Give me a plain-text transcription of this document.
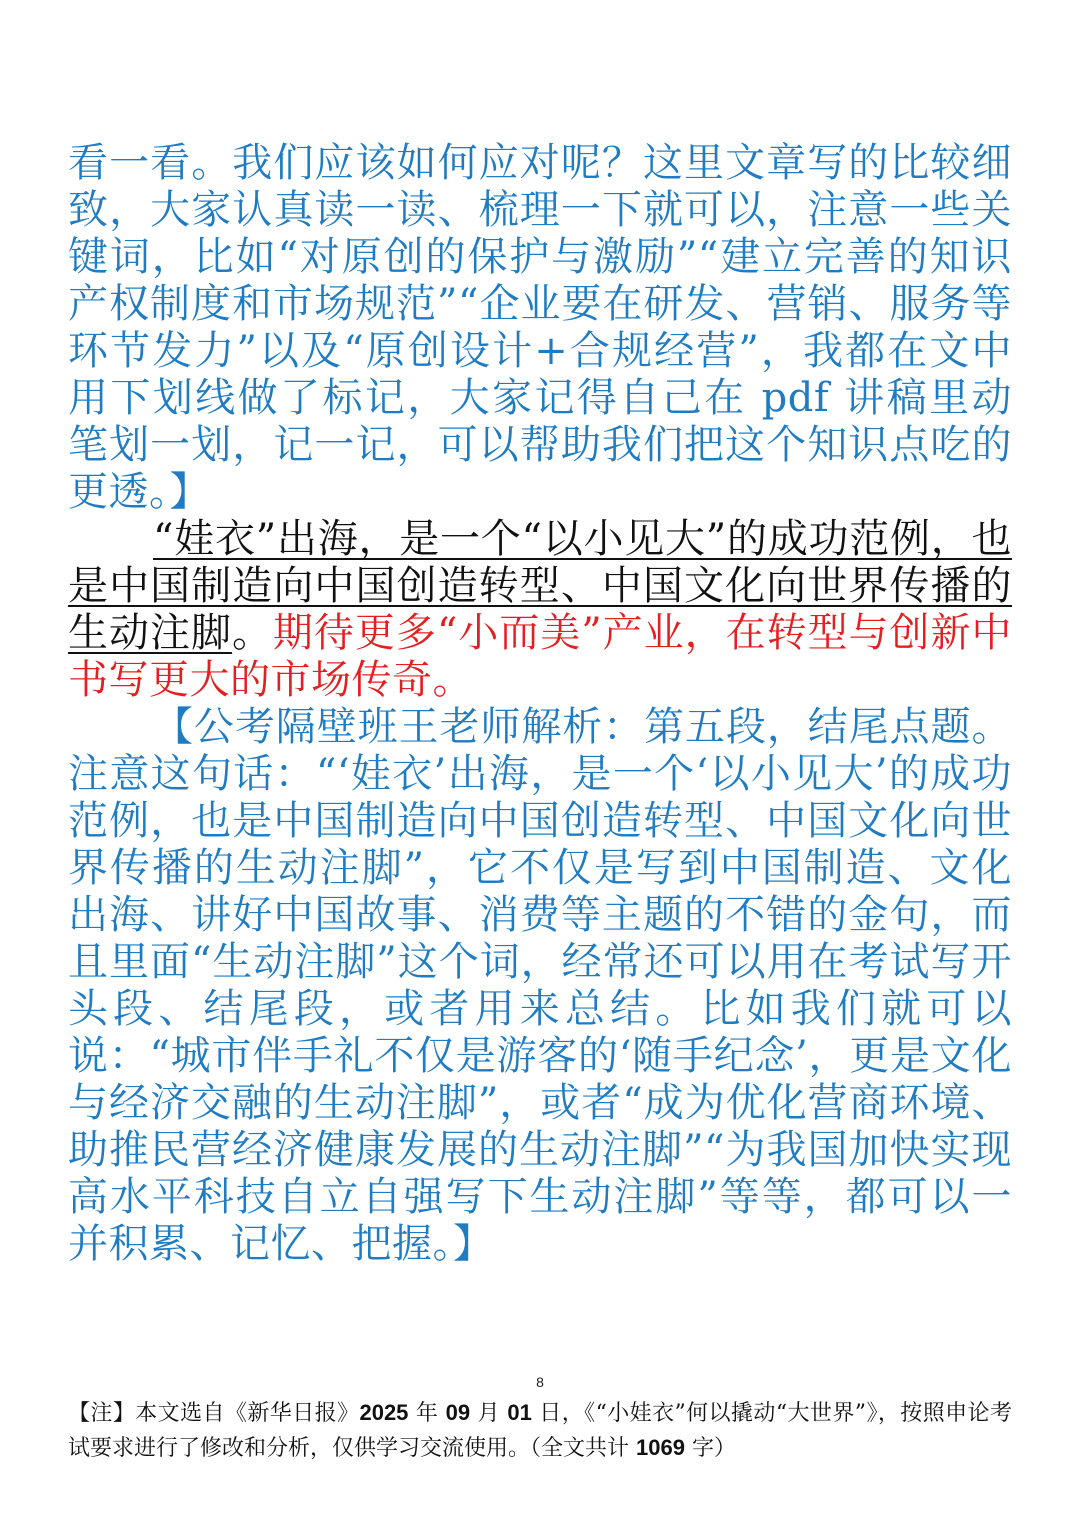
看一看。我们应该如何应对呢？这里文章写的比较细致，大家认真读一读、梳理一下就可以，注意一些关键词，比如“对原创的保护与激励”“建立完善的知识产权制度和市场规范”“企业要在研发、营销、服务等环节发力”以及“原创设计+合规经营”，我都在文中用下划线做了标记，大家记得自己在 pdf 讲稿里动笔划一划，记一记，可以帮助我们把这个知识点吃的更透。】

“娃衣”出海，是一个“以小见大”的成功范例，也是中国制造向中国创造转型、中国文化向世界传播的生动注脚。期待更多“小而美”产业，在转型与创新中书写更大的市场传奇。

【公考隔壁班王老师解析：第五段，结尾点题。注意这句话：“‘娃衣’出海，是一个‘以小见大’的成功范例，也是中国制造向中国创造转型、中国文化向世界传播的生动注脚”，它不仅是写到中国制造、文化出海、讲好中国故事、消费等主题的不错的金句，而且里面“生动注脚”这个词，经常还可以用在考试写开头段、结尾段，或者用来总结。比如我们就可以说：“城市伴手礼不仅是游客的‘随手纪念’，更是文化与经济交融的生动注脚”，或者“成为优化营商环境、助推民营经济健康发展的生动注脚”“为我国加快实现高水平科技自立自强写下生动注脚”等等，都可以一并积累、记忆、把握。】

8
【注】本文选自《新华日报》2025 年 09 月 01 日，《“小娃衣”何以撬动“大世界”》，按照申论考试要求进行了修改和分析，仅供学习交流使用。（全文共计 1069 字）
